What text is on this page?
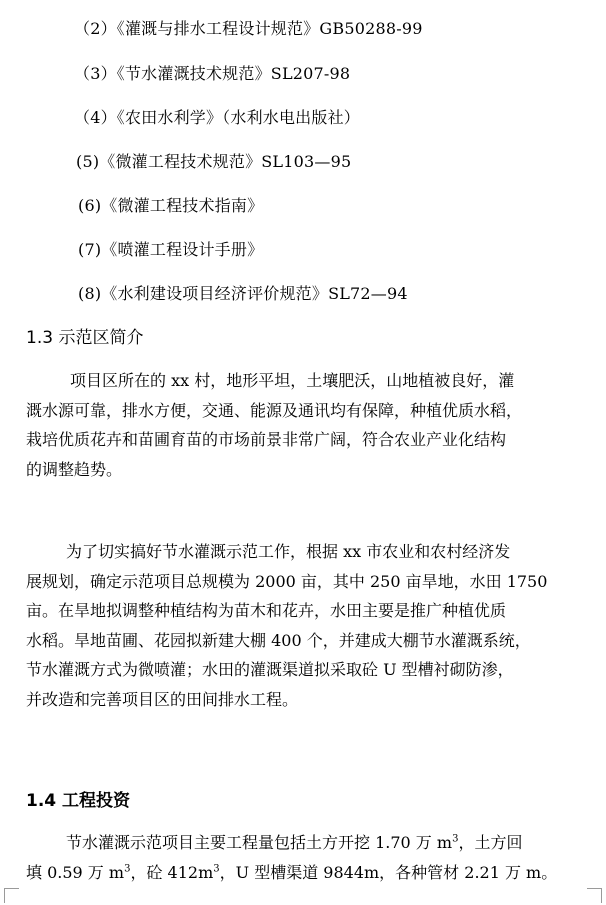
（2）《灌溉与排水工程设计规范》GB50288-99
（3）《节水灌溉技术规范》SL207-98
（4）《农田水利学》（水利水电出版社）
(5)《微灌工程技术规范》SL103—95
(6)《微灌工程技术指南》
(7)《喷灌工程设计手册》
(8)《水利建设项目经济评价规范》SL72—94
1.3 示范区简介
项目区所在的 xx 村，地形平坦，土壤肥沃，山地植被良好，灌
溉水源可靠，排水方便，交通、能源及通讯均有保障，种植优质水稻，
栽培优质花卉和苗圃育苗的市场前景非常广阔，符合农业产业化结构
的调整趋势。
为了切实搞好节水灌溉示范工作，根据 xx 市农业和农村经济发
展规划，确定示范项目总规模为 2000 亩，其中 250 亩旱地，水田 1750
亩。在旱地拟调整种植结构为苗木和花卉，水田主要是推广种植优质
水稻。旱地苗圃、花园拟新建大棚 400 个，并建成大棚节水灌溉系统，
节水灌溉方式为微喷灌；水田的灌溉渠道拟采取砼 U 型槽衬砌防渗，
并改造和完善项目区的田间排水工程。
1.4 工程投资
节水灌溉示范项目主要工程量包括土方开挖 1.70 万 $m^3$，土方回
填 0.59 万 $m^3$，砼 $412m^3$，U 型槽渠道 9844m，各种管材 2.21 万 m。
